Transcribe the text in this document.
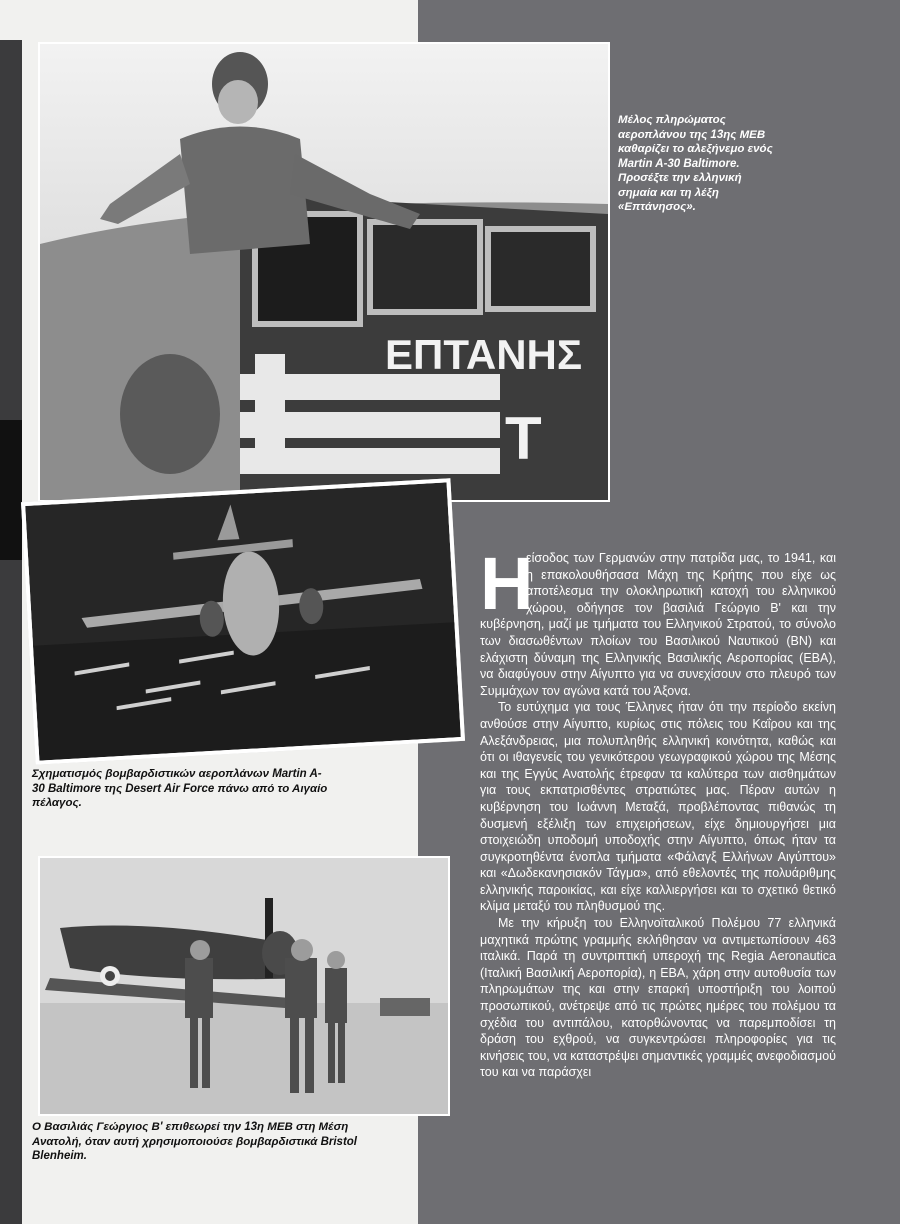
ΕΠΤΑΝΗΣ
T
Μέλος πληρώματος αεροπλάνου της 13ης ΜΕΒ καθαρίζει το αλεξήνεμο ενός Martin A-30 Baltimore. Προσέξτε την ελληνική σημαία και τη λέξη «Επτάνησος».
Σχηματισμός βομβαρδιστικών αεροπλάνων Martin A-30 Baltimore της Desert Air Force πάνω από το Αιγαίο πέλαγος.
Ο Βασιλιάς Γεώργιος Β' επιθεωρεί την 13η ΜΕΒ στη Μέση Ανατολή, όταν αυτή χρησιμοποιούσε βομβαρδιστικά Bristol Blenheim.

Η
είσοδος των Γερμανών στην πατρίδα μας, το 1941, και η επακολουθήσασα Μάχη της Κρήτης που είχε ως αποτέλεσμα την ολοκληρωτική κατοχή του ελληνικού χώρου, οδήγησε τον βασιλιά Γεώργιο Β' και την κυβέρνηση, μαζί με τμήματα του Ελληνικού Στρατού, το σύνολο των διασωθέντων πλοίων του Βασιλικού Ναυτικού (ΒΝ) και ελάχιστη δύναμη της Ελληνικής Βασιλικής Αεροπορίας (ΕΒΑ), να διαφύγουν στην Αίγυπτο για να συνεχίσουν στο πλευρό των Συμμάχων τον αγώνα κατά του Άξονα.

Το ευτύχημα για τους Έλληνες ήταν ότι την περίοδο εκείνη ανθούσε στην Αίγυπτο, κυρίως στις πόλεις του Καΐρου και της Αλεξάνδρειας, μια πολυπληθής ελληνική κοινότητα, καθώς και ότι οι ιθαγενείς του γενικότερου γεωγραφικού χώρου της Μέσης και της Εγγύς Ανατολής έτρεφαν τα καλύτερα των αισθημάτων για τους εκπατρισθέντες στρατιώτες μας. Πέραν αυτών η κυβέρνηση του Ιωάννη Μεταξά, προβλέποντας πιθανώς τη δυσμενή εξέλιξη των επιχειρήσεων, είχε δημιουργήσει μια στοιχειώδη υποδομή υποδοχής στην Αίγυπτο, όπως ήταν τα συγκροτηθέντα ένοπλα τμήματα «Φάλαγξ Ελλήνων Αιγύπτου» και «Δωδεκανησιακόν Τάγμα», από εθελοντές της πολυάριθμης ελληνικής παροικίας, και είχε καλλιεργήσει και το σχετικό θετικό κλίμα μεταξύ του πληθυσμού της.

Με την κήρυξη του Ελληνοϊταλικού Πολέμου 77 ελληνικά μαχητικά πρώτης γραμμής εκλήθησαν να αντιμετωπίσουν 463 ιταλικά. Παρά τη συντριπτική υπεροχή της Regia Aeronautica (Ιταλική Βασιλική Αεροπορία), η ΕΒΑ, χάρη στην αυτοθυσία των πληρωμάτων της και στην επαρκή υποστήριξη του λοιπού προσωπικού, ανέτρεψε από τις πρώτες ημέρες του πολέμου τα σχέδια του αντιπάλου, κατορθώνοντας να παρεμποδίσει τη δράση του εχθρού, να συγκεντρώσει πληροφορίες για τις κινήσεις του, να καταστρέψει σημαντικές γραμμές ανεφοδιασμού του και να παράσχει
